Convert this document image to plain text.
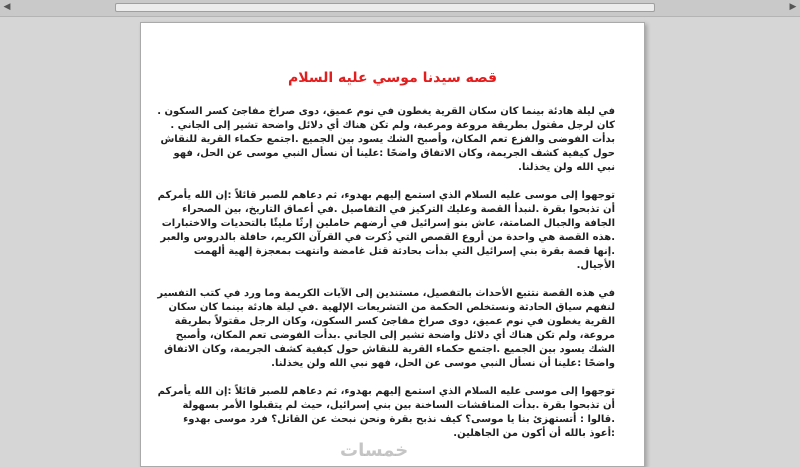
◀	▶
قصه سيدنا موسي عليه السلام

في ليلة هادئة بينما كان سكان القرية يغطون في نوم عميق، دوى صراخ مفاجئ كسر السكون . كان لرجل مقتول بطريقة مروعة ومرعبة، ولم تكن هناك أي دلائل واضحة تشير إلى الجاني . بدأت الفوضى والفزع تعم المكان، وأصبح الشك يسود بين الجميع .اجتمع حكماء القرية للنقاش حول كيفية كشف الجريمة، وكان الاتفاق واضحًا :علينا أن نسأل النبي موسى عن الحل، فهو نبي الله ولن يخذلنا.

توجهوا إلى موسى عليه السلام الذي استمع إليهم بهدوء، ثم دعاهم للصبر قائلاً :إن الله يأمركم أن تذبحوا بقرة .لنبدأ القصة وعليك التركيز في التفاصيل .في أعماق التاريخ، بين الصحراء الجافة والجبال الصامتة، عاش بنو إسرائيل في أرضهم حاملين إرثًا مليئًا بالتحديات والاختبارات .هذه القصة هي واحدة من أروع القصص التي ذُكرت في القرآن الكريم، حافلة بالدروس والعبر .إنها قصة بقرة بني إسرائيل التي بدأت بحادثة قتل غامضة وانتهت بمعجزة إلهية ألهمت الأجيال.

في هذه القصة نتتبع الأحداث بالتفصيل، مستندين إلى الآيات الكريمة وما ورد في كتب التفسير لنفهم سياق الحادثة ونستخلص الحكمة من التشريعات الإلهية .في ليلة هادئة بينما كان سكان القرية يغطون في نوم عميق، دوى صراخ مفاجئ كسر السكون، وكان الرجل مقتولاً بطريقة مروعة، ولم تكن هناك أي دلائل واضحة تشير إلى الجاني .بدأت الفوضى تعم المكان، وأصبح الشك يسود بين الجميع .اجتمع حكماء القرية للنقاش حول كيفية كشف الجريمة، وكان الاتفاق واضحًا :علينا أن نسأل النبي موسى عن الحل، فهو نبي الله ولن يخذلنا.

توجهوا إلى موسى عليه السلام الذي استمع إليهم بهدوء، ثم دعاهم للصبر قائلاً :إن الله يأمركم أن تذبحوا بقرة .بدأت المناقشات الساخنة بين بني إسرائيل، حيث لم يتقبلوا الأمر بسهولة .قالوا : أتستهزئ بنا يا موسى؟ كيف نذبح بقرة ونحن نبحث عن القاتل؟ فرد موسى بهدوء :أعوذ بالله أن أكون من الجاهلين.

خمسات
